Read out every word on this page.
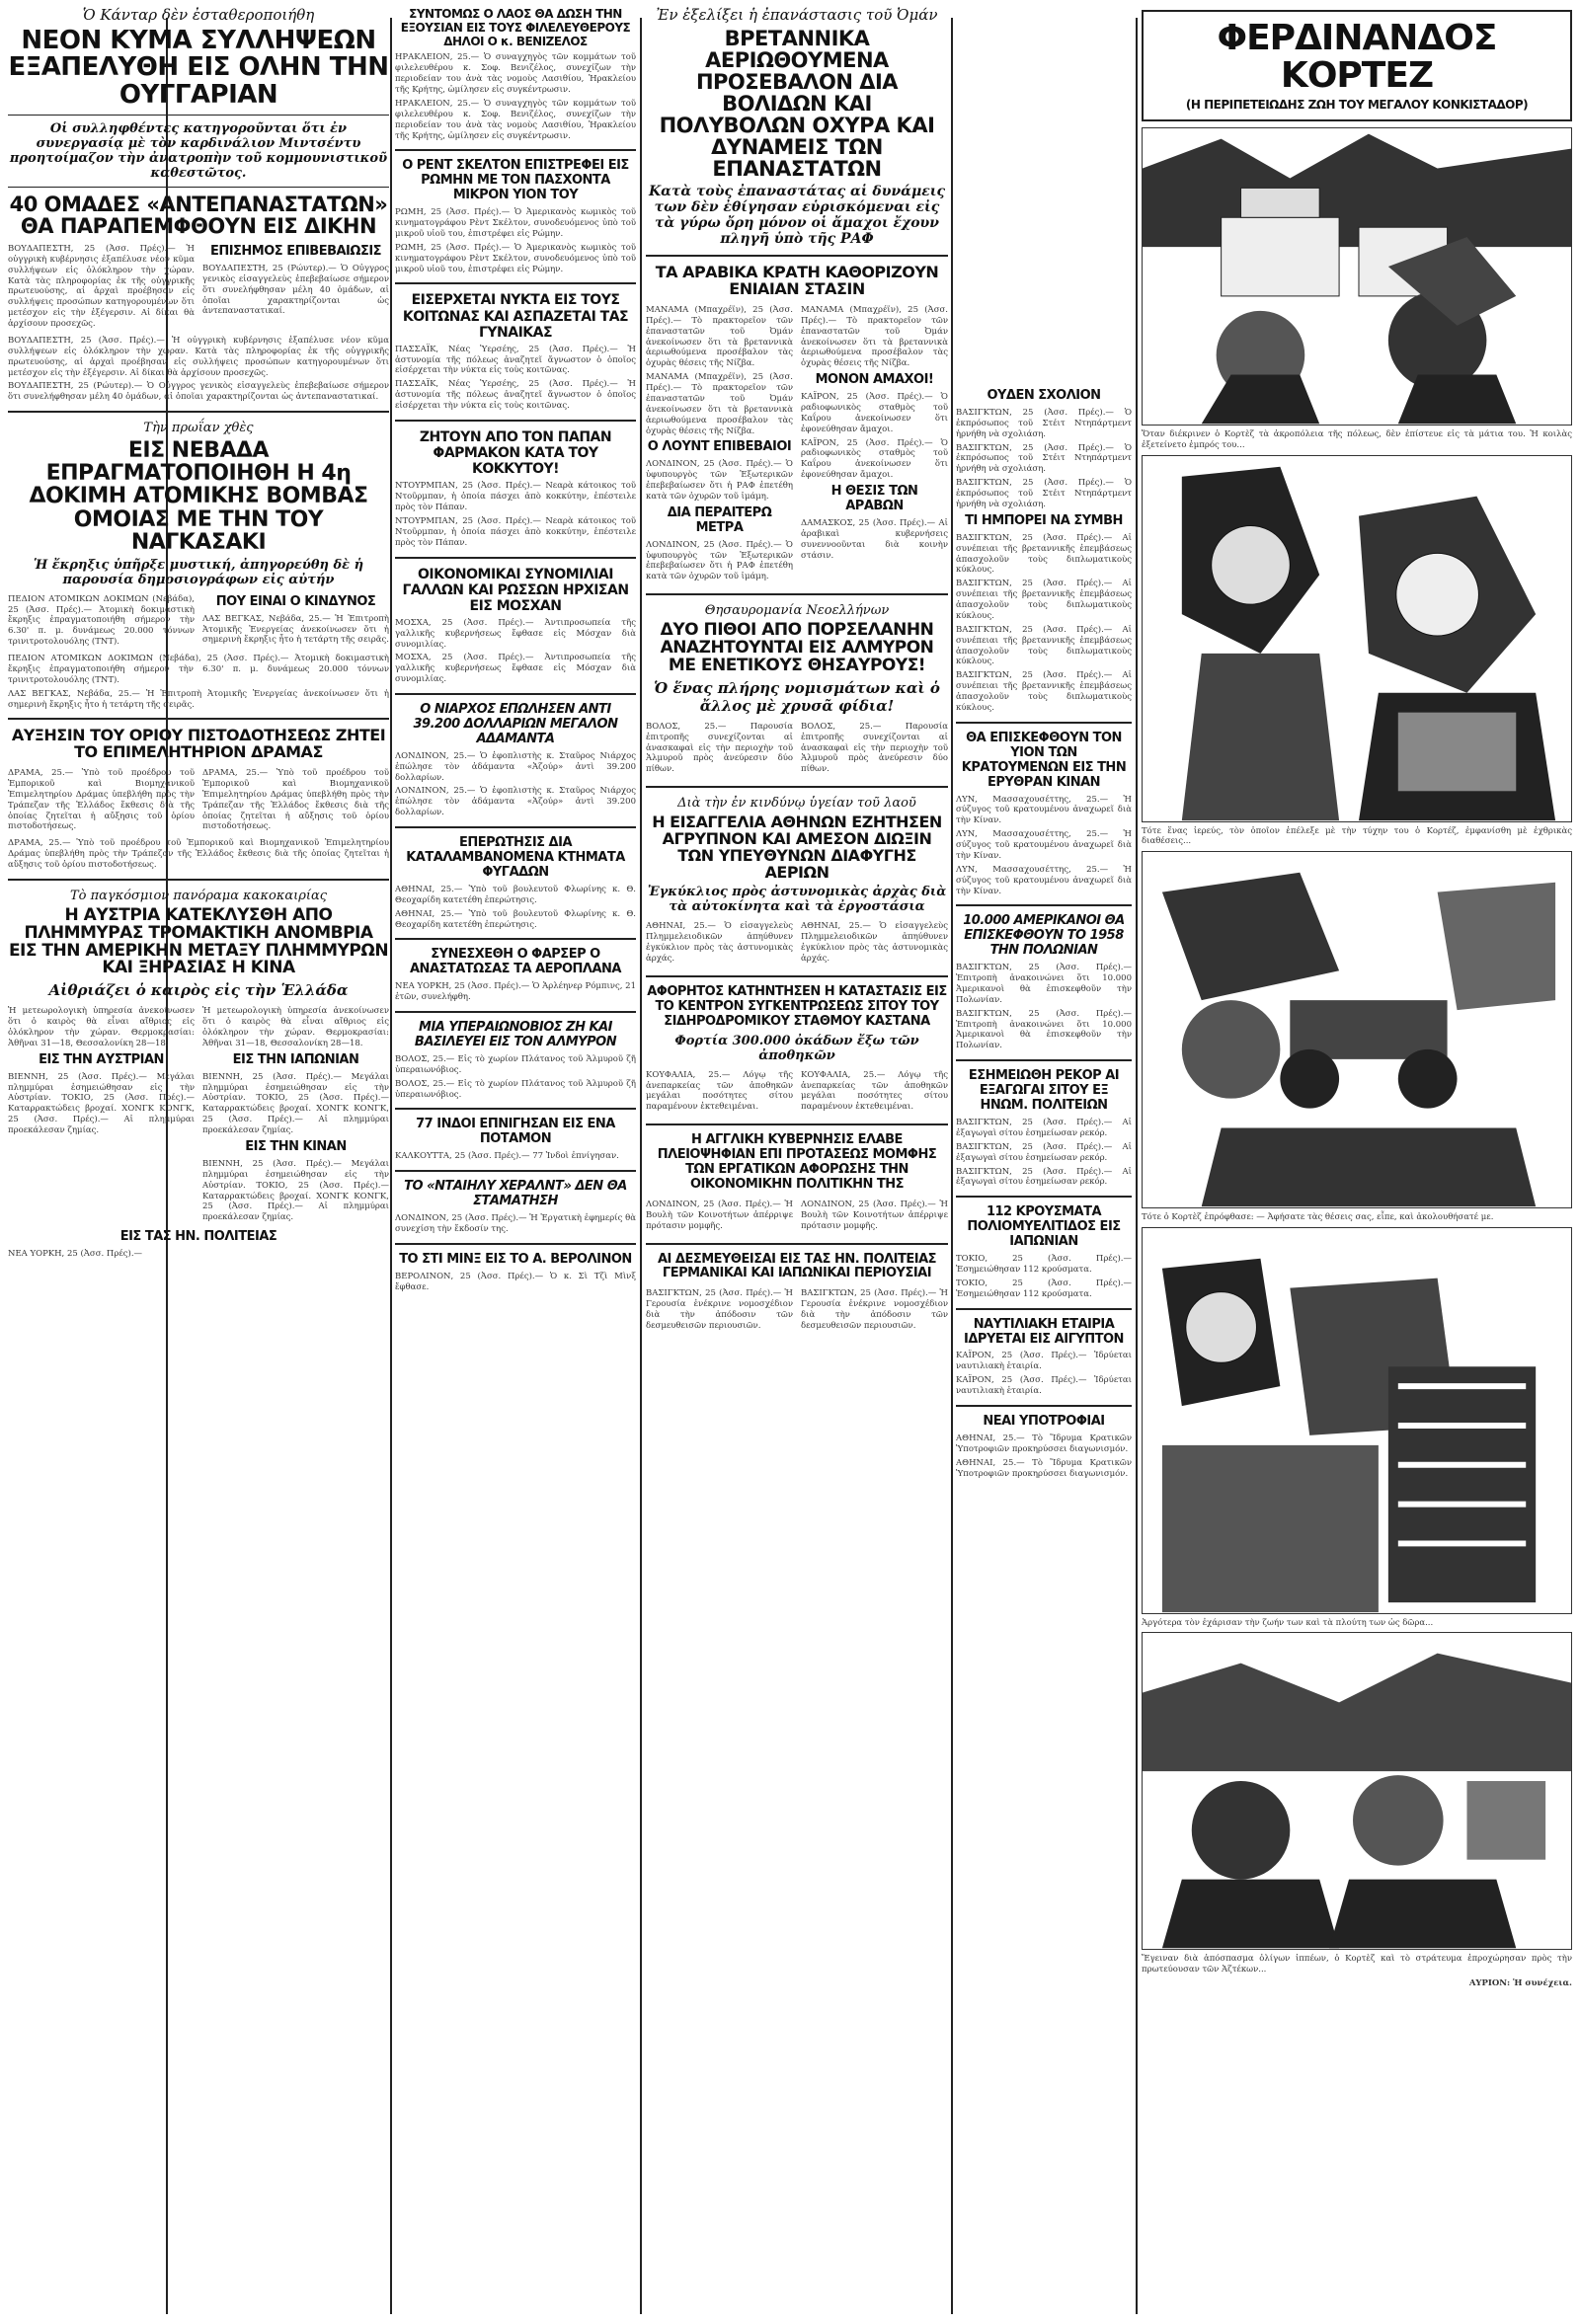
Ὁ Κάνταρ δὲν ἐσταθεροποιήθη
ΝΕΟΝ ΚΥΜΑ ΣΥΛΛΗΨΕΩΝ ΕΞΑΠΕΛΥΘΗ ΕΙΣ ΟΛΗΝ ΤΗΝ ΟΥΓΓΑΡΙΑΝ
Οἱ συλληφθέντες κατηγοροῦνται ὅτι ἐν συνεργασίᾳ μὲ τὸν καρδινάλιον Μιντσέντυ προητοίμαζον τὴν ἀνατροπὴν τοῦ κομμουνιστικοῦ καθεστῶτος.
40 ΟΜΑΔΕΣ «ΑΝΤΕΠΑΝΑΣΤΑΤΩΝ» ΘΑ ΠΑΡΑΠΕΜΦΘΟΥΝ ΕΙΣ ΔΙΚΗΝ
ΒΟΥΔΑΠΕΣΤΗ, 25 (Ἀσσ. Πρές).— Ἡ οὐγγρικὴ κυβέρνησις ἐξαπέλυσε νέον κῦμα συλλήψεων εἰς ὁλόκληρον τὴν χώραν. Κατὰ τὰς πληροφορίας ἐκ τῆς οὐγγρικῆς πρωτευούσης, αἱ ἀρχαὶ προέβησαν εἰς συλλήψεις προσώπων κατηγορουμένων ὅτι μετέσχον εἰς τὴν ἐξέγερσιν. Αἱ δίκαι θὰ ἀρχίσουν προσεχῶς.
ΕΠΙΣΗΜΟΣ ΕΠΙΒΕΒΑΙΩΣΙΣ
ΒΟΥΔΑΠΕΣΤΗ, 25 (Ρώυτερ).— Ὁ Οὐγγρος γενικὸς εἰσαγγελεὺς ἐπεβεβαίωσε σήμερον ὅτι συνελήφθησαν μέλη 40 ὁμάδων, αἱ ὁποῖαι χαρακτηρίζονται ὡς ἀντεπαναστατικαί.
ΒΟΥΔΑΠΕΣΤΗ, 25 (Ἀσσ. Πρές).— Ἡ οὐγγρικὴ κυβέρνησις ἐξαπέλυσε νέον κῦμα συλλήψεων εἰς ὁλόκληρον τὴν χώραν. Κατὰ τὰς πληροφορίας ἐκ τῆς οὐγγρικῆς πρωτευούσης, αἱ ἀρχαὶ προέβησαν εἰς συλλήψεις προσώπων κατηγορουμένων ὅτι μετέσχον εἰς τὴν ἐξέγερσιν. Αἱ δίκαι θὰ ἀρχίσουν προσεχῶς.
ΒΟΥΔΑΠΕΣΤΗ, 25 (Ρώυτερ).— Ὁ Οὐγγρος γενικὸς εἰσαγγελεὺς ἐπεβεβαίωσε σήμερον ὅτι συνελήφθησαν μέλη 40 ὁμάδων, αἱ ὁποῖαι χαρακτηρίζονται ὡς ἀντεπαναστατικαί.
Τὴν πρωΐαν χθὲς
ΕΙΣ ΝΕΒΑΔΑ ΕΠΡΑΓΜΑΤΟΠΟΙΗΘΗ Η 4η ΔΟΚΙΜΗ ΑΤΟΜΙΚΗΣ ΒΟΜΒΑΣ ΟΜΟΙΑΣ ΜΕ ΤΗΝ ΤΟΥ ΝΑΓΚΑΣΑΚΙ
Ἡ ἔκρηξις ὑπῆρξε μυστική, ἀπηγορεύθη δὲ ἡ παρουσία δημοσιογράφων εἰς αὐτήν
ΠΕΔΙΟΝ ΑΤΟΜΙΚΩΝ ΔΟΚΙΜΩΝ (Νεβάδα), 25 (Ἀσσ. Πρές).— Ἀτομικὴ δοκιμαστικὴ ἔκρηξις ἐπραγματοποιήθη σήμερον τὴν 6.30' π. μ. δυνάμεως 20.000 τόννων τρινιτροτολουόλης (TNT).
ΠΟΥ ΕΙΝΑΙ Ο ΚΙΝΔΥΝΟΣ
ΛΑΣ ΒΕΓΚΑΣ, Νεβάδα, 25.— Ἡ Ἐπιτροπὴ Ἀτομικῆς Ἐνεργείας ἀνεκοίνωσεν ὅτι ἡ σημερινὴ ἔκρηξις ἦτο ἡ τετάρτη τῆς σειρᾶς.
ΠΕΔΙΟΝ ΑΤΟΜΙΚΩΝ ΔΟΚΙΜΩΝ (Νεβάδα), 25 (Ἀσσ. Πρές).— Ἀτομικὴ δοκιμαστικὴ ἔκρηξις ἐπραγματοποιήθη σήμερον τὴν 6.30' π. μ. δυνάμεως 20.000 τόννων τρινιτροτολουόλης (TNT).
ΛΑΣ ΒΕΓΚΑΣ, Νεβάδα, 25.— Ἡ Ἐπιτροπὴ Ἀτομικῆς Ἐνεργείας ἀνεκοίνωσεν ὅτι ἡ σημερινὴ ἔκρηξις ἦτο ἡ τετάρτη τῆς σειρᾶς.
ΑΥΞΗΣΙΝ ΤΟΥ ΟΡΙΟΥ ΠΙΣΤΟΔΟΤΗΣΕΩΣ ΖΗΤΕΙ ΤΟ ΕΠΙΜΕΛΗΤΗΡΙΟΝ ΔΡΑΜΑΣ
ΔΡΑΜΑ, 25.— Ὑπὸ τοῦ προέδρου τοῦ Ἐμπορικοῦ καὶ Βιομηχανικοῦ Ἐπιμελητηρίου Δράμας ὑπεβλήθη πρὸς τὴν Τράπεζαν τῆς Ἑλλάδος ἔκθεσις διὰ τῆς ὁποίας ζητεῖται ἡ αὔξησις τοῦ ὁρίου πιστοδοτήσεως.
ΔΡΑΜΑ, 25.— Ὑπὸ τοῦ προέδρου τοῦ Ἐμπορικοῦ καὶ Βιομηχανικοῦ Ἐπιμελητηρίου Δράμας ὑπεβλήθη πρὸς τὴν Τράπεζαν τῆς Ἑλλάδος ἔκθεσις διὰ τῆς ὁποίας ζητεῖται ἡ αὔξησις τοῦ ὁρίου πιστοδοτήσεως.
ΔΡΑΜΑ, 25.— Ὑπὸ τοῦ προέδρου τοῦ Ἐμπορικοῦ καὶ Βιομηχανικοῦ Ἐπιμελητηρίου Δράμας ὑπεβλήθη πρὸς τὴν Τράπεζαν τῆς Ἑλλάδος ἔκθεσις διὰ τῆς ὁποίας ζητεῖται ἡ αὔξησις τοῦ ὁρίου πιστοδοτήσεως.
Τὸ παγκόσμιον πανόραμα κακοκαιρίας
Η ΑΥΣΤΡΙΑ ΚΑΤΕΚΛΥΣΘΗ ΑΠΟ ΠΛΗΜΜΥΡΑΣ ΤΡΟΜΑΚΤΙΚΗ ΑΝΟΜΒΡΙΑ ΕΙΣ ΤΗΝ ΑΜΕΡΙΚΗΝ ΜΕΤΑΞΥ ΠΛΗΜΜΥΡΩΝ ΚΑΙ ΞΗΡΑΣΙΑΣ Η ΚΙΝΑ
Αἰθριάζει ὁ καιρὸς εἰς τὴν Ἑλλάδα
Ἡ μετεωρολογικὴ ὑπηρεσία ἀνεκοίνωσεν ὅτι ὁ καιρὸς θὰ εἶναι αἴθριος εἰς ὁλόκληρον τὴν χώραν. Θερμοκρασίαι: Ἀθῆναι 31—18, Θεσσαλονίκη 28—18.
ΕΙΣ ΤΗΝ ΑΥΣΤΡΙΑΝ
ΒΙΕΝΝΗ, 25 (Ἀσσ. Πρές).— Μεγάλαι πλημμύραι ἐσημειώθησαν εἰς τὴν Αὐστρίαν. ΤΟΚΙΟ, 25 (Ἀσσ. Πρές).— Καταρρακτώδεις βροχαί. ΧΟΝΓΚ ΚΟΝΓΚ, 25 (Ἀσσ. Πρές).— Αἱ πλημμύραι προεκάλεσαν ζημίας.
Ἡ μετεωρολογικὴ ὑπηρεσία ἀνεκοίνωσεν ὅτι ὁ καιρὸς θὰ εἶναι αἴθριος εἰς ὁλόκληρον τὴν χώραν. Θερμοκρασίαι: Ἀθῆναι 31—18, Θεσσαλονίκη 28—18.
ΕΙΣ ΤΗΝ ΙΑΠΩΝΙΑΝ
ΒΙΕΝΝΗ, 25 (Ἀσσ. Πρές).— Μεγάλαι πλημμύραι ἐσημειώθησαν εἰς τὴν Αὐστρίαν. ΤΟΚΙΟ, 25 (Ἀσσ. Πρές).— Καταρρακτώδεις βροχαί. ΧΟΝΓΚ ΚΟΝΓΚ, 25 (Ἀσσ. Πρές).— Αἱ πλημμύραι προεκάλεσαν ζημίας.
ΕΙΣ ΤΗΝ ΚΙΝΑΝ
ΒΙΕΝΝΗ, 25 (Ἀσσ. Πρές).— Μεγάλαι πλημμύραι ἐσημειώθησαν εἰς τὴν Αὐστρίαν. ΤΟΚΙΟ, 25 (Ἀσσ. Πρές).— Καταρρακτώδεις βροχαί. ΧΟΝΓΚ ΚΟΝΓΚ, 25 (Ἀσσ. Πρές).— Αἱ πλημμύραι προεκάλεσαν ζημίας.
ΕΙΣ ΤΑΣ ΗΝ. ΠΟΛΙΤΕΙΑΣ
ΝΕΑ ΥΟΡΚΗ, 25 (Ἀσσ. Πρές).—
ΣΥΝΤΟΜΩΣ Ο ΛΑΟΣ ΘΑ ΔΩΣΗ ΤΗΝ ΕΞΟΥΣΙΑΝ ΕΙΣ ΤΟΥΣ ΦΙΛΕΛΕΥΘΕΡΟΥΣ ΔΗΛΟΙ Ο κ. ΒΕΝΙΖΕΛΟΣ
ΗΡΑΚΛΕΙΟΝ, 25.— Ὁ συναγχηγὸς τῶν κομμάτων τοῦ φιλελευθέρου κ. Σοφ. Βενιζέλος, συνεχίζων τὴν περιοδείαν του ἀνὰ τὰς νομοὺς Λασιθίου, Ἡρακλείου τῆς Κρήτης, ὡμίλησεν εἰς συγκέντρωσιν.
ΗΡΑΚΛΕΙΟΝ, 25.— Ὁ συναγχηγὸς τῶν κομμάτων τοῦ φιλελευθέρου κ. Σοφ. Βενιζέλος, συνεχίζων τὴν περιοδείαν του ἀνὰ τὰς νομοὺς Λασιθίου, Ἡρακλείου τῆς Κρήτης, ὡμίλησεν εἰς συγκέντρωσιν.
Ο ΡΕΝΤ ΣΚΕΛΤΟΝ ΕΠΙΣΤΡΕΦΕΙ ΕΙΣ ΡΩΜΗΝ ΜΕ ΤΟΝ ΠΑΣΧΟΝΤΑ ΜΙΚΡΟΝ ΥΙΟΝ ΤΟΥ
ΡΩΜΗ, 25 (Ἀσσ. Πρές).— Ὁ Ἀμερικανὸς κωμικὸς τοῦ κινηματογράφου Ρὲντ Σκέλτον, συνοδευόμενος ὑπὸ τοῦ μικροῦ υἱοῦ του, ἐπιστρέφει εἰς Ρώμην.
ΡΩΜΗ, 25 (Ἀσσ. Πρές).— Ὁ Ἀμερικανὸς κωμικὸς τοῦ κινηματογράφου Ρὲντ Σκέλτον, συνοδευόμενος ὑπὸ τοῦ μικροῦ υἱοῦ του, ἐπιστρέφει εἰς Ρώμην.
ΕΙΣΕΡΧΕΤΑΙ ΝΥΚΤΑ ΕΙΣ ΤΟΥΣ ΚΟΙΤΩΝΑΣ ΚΑΙ ΑΣΠΑΖΕΤΑΙ ΤΑΣ ΓΥΝΑΙΚΑΣ
ΠΑΣΣΑΪΚ, Νέας Ὑερσέης, 25 (Ἀσσ. Πρές).— Ἡ ἀστυνομία τῆς πόλεως ἀναζητεῖ ἄγνωστον ὁ ὁποῖος εἰσέρχεται τὴν νύκτα εἰς τοὺς κοιτῶνας.
ΠΑΣΣΑΪΚ, Νέας Ὑερσέης, 25 (Ἀσσ. Πρές).— Ἡ ἀστυνομία τῆς πόλεως ἀναζητεῖ ἄγνωστον ὁ ὁποῖος εἰσέρχεται τὴν νύκτα εἰς τοὺς κοιτῶνας.
ΖΗΤΟΥΝ ΑΠΟ ΤΟΝ ΠΑΠΑΝ ΦΑΡΜΑΚΟΝ ΚΑΤΑ ΤΟΥ ΚΟΚΚΥΤΟΥ!
ΝΤΟΥΡΜΠΑΝ, 25 (Ἀσσ. Πρές).— Νεαρὰ κάτοικος τοῦ Ντοῦρμπαν, ἡ ὁποία πάσχει ἀπὸ κοκκύτην, ἐπέστειλε πρὸς τὸν Πάπαν.
ΝΤΟΥΡΜΠΑΝ, 25 (Ἀσσ. Πρές).— Νεαρὰ κάτοικος τοῦ Ντοῦρμπαν, ἡ ὁποία πάσχει ἀπὸ κοκκύτην, ἐπέστειλε πρὸς τὸν Πάπαν.
ΟΙΚΟΝΟΜΙΚΑΙ ΣΥΝΟΜΙΛΙΑΙ ΓΑΛΛΩΝ ΚΑΙ ΡΩΣΣΩΝ ΗΡΧΙΣΑΝ ΕΙΣ ΜΟΣΧΑΝ
ΜΟΣΧΑ, 25 (Ἀσσ. Πρές).— Ἀντιπροσωπεία τῆς γαλλικῆς κυβερνήσεως ἔφθασε εἰς Μόσχαν διὰ συνομιλίας.
ΜΟΣΧΑ, 25 (Ἀσσ. Πρές).— Ἀντιπροσωπεία τῆς γαλλικῆς κυβερνήσεως ἔφθασε εἰς Μόσχαν διὰ συνομιλίας.
Ο ΝΙΑΡΧΟΣ ΕΠΩΛΗΣΕΝ ΑΝΤΙ 39.200 ΔΟΛΛΑΡΙΩΝ ΜΕΓΑΛΟΝ ΑΔΑΜΑΝΤΑ
ΛΟΝΔΙΝΟΝ, 25.— Ὁ ἐφοπλιστὴς κ. Σταῦρος Νιάρχος ἐπώλησε τὸν ἀδάμαντα «Ἀζούρ» ἀντὶ 39.200 δολλαρίων.
ΛΟΝΔΙΝΟΝ, 25.— Ὁ ἐφοπλιστὴς κ. Σταῦρος Νιάρχος ἐπώλησε τὸν ἀδάμαντα «Ἀζούρ» ἀντὶ 39.200 δολλαρίων.
ΕΠΕΡΩΤΗΣΙΣ ΔΙΑ ΚΑΤΑΛΑΜΒΑΝΟΜΕΝΑ ΚΤΗΜΑΤΑ ΦΥΓΑΔΩΝ
ΑΘΗΝΑΙ, 25.— Ὑπὸ τοῦ βουλευτοῦ Φλωρίνης κ. Θ. Θεοχαρίδη κατετέθη ἐπερώτησις.
ΑΘΗΝΑΙ, 25.— Ὑπὸ τοῦ βουλευτοῦ Φλωρίνης κ. Θ. Θεοχαρίδη κατετέθη ἐπερώτησις.
ΣΥΝΕΣΧΕΘΗ Ο ΦΑΡΣΕΡ Ο ΑΝΑΣΤΑΤΩΣΑΣ ΤΑ ΑΕΡΟΠΛΑΝΑ
ΝΕΑ ΥΟΡΚΗ, 25 (Ἀσσ. Πρές).— Ὁ Ἀρλέηνερ Ρόμπινς, 21 ἐτῶν, συνελήφθη.
ΜΙΑ ΥΠΕΡΑΙΩΝΟΒΙΟΣ ΖΗ ΚΑΙ ΒΑΣΙΛΕΥΕΙ ΕΙΣ ΤΟΝ ΑΛΜΥΡΟΝ
ΒΟΛΟΣ, 25.— Εἰς τὸ χωρίον Πλάτανος τοῦ Ἁλμυροῦ ζῆ ὑπεραιωνόβιος.
ΒΟΛΟΣ, 25.— Εἰς τὸ χωρίον Πλάτανος τοῦ Ἁλμυροῦ ζῆ ὑπεραιωνόβιος.
77 ΙΝΔΟΙ ΕΠΝΙΓΗΣΑΝ ΕΙΣ ΕΝΑ ΠΟΤΑΜΟΝ
ΚΑΛΚΟΥΤΤΑ, 25 (Ἀσσ. Πρές).— 77 Ἰνδοὶ ἐπνίγησαν.
ΤΟ «ΝΤΑΙΗΛΥ ΧΕΡΑΛΝΤ» ΔΕΝ ΘΑ ΣΤΑΜΑΤΗΣΗ
ΛΟΝΔΙΝΟΝ, 25 (Ἀσσ. Πρές).— Ἡ Ἐργατικὴ ἐφημερίς θὰ συνεχίση τὴν ἔκδοσίν της.
ΤΟ ΣΤΙ ΜΙΝΞ ΕΙΣ ΤΟ Α. ΒΕΡΟΛΙΝΟΝ
ΒΕΡΟΛΙΝΟΝ, 25 (Ἀσσ. Πρές).— Ὁ κ. Σὶ Τζὶ Μὶνξ ἔφθασε.
Ἐν ἐξελίξει ἡ ἐπανάστασις τοῦ Ὀμάν
ΒΡΕΤΑΝΝΙΚΑ ΑΕΡΙΩΘΟΥΜΕΝΑ ΠΡΟΣΕΒΑΛΟΝ ΔΙΑ ΒΟΛΙΔΩΝ ΚΑΙ ΠΟΛΥΒΟΛΩΝ ΟΧΥΡΑ ΚΑΙ ΔΥΝΑΜΕΙΣ ΤΩΝ ΕΠΑΝΑΣΤΑΤΩΝ
Κατὰ τοὺς ἐπαναστάτας αἱ δυνάμεις των δὲν ἐθίγησαν εὑρισκόμεναι εἰς τὰ γύρω ὄρη μόνον οἱ ἄμαχοι ἔχουν πληγῆ ὑπὸ τῆς ΡΑΦ
ΤΑ ΑΡΑΒΙΚΑ ΚΡΑΤΗ ΚΑΘΟΡΙΖΟΥΝ ΕΝΙΑΙΑΝ ΣΤΑΣΙΝ
ΜΑΝΑΜΑ (Μπαχρέϊν), 25 (Ἀσσ. Πρές).— Τὸ πρακτορεῖον τῶν ἐπαναστατῶν τοῦ Ὀμάν ἀνεκοίνωσεν ὅτι τὰ βρεταννικὰ ἀεριωθούμενα προσέβαλον τὰς ὀχυρὰς θέσεις τῆς Νίζβα.
ΜΑΝΑΜΑ (Μπαχρέϊν), 25 (Ἀσσ. Πρές).— Τὸ πρακτορεῖον τῶν ἐπαναστατῶν τοῦ Ὀμάν ἀνεκοίνωσεν ὅτι τὰ βρεταννικὰ ἀεριωθούμενα προσέβαλον τὰς ὀχυρὰς θέσεις τῆς Νίζβα.
Ο ΛΟΥΝΤ ΕΠΙΒΕΒΑΙΟΙ
ΛΟΝΔΙΝΟΝ, 25 (Ἀσσ. Πρές).— Ὁ ὑφυπουργὸς τῶν Ἐξωτερικῶν ἐπεβεβαίωσεν ὅτι ἡ ΡΑΦ ἐπετέθη κατὰ τῶν ὀχυρῶν τοῦ ἰμάμη.
ΔΙΑ ΠΕΡΑΙΤΕΡΩ ΜΕΤΡΑ
ΛΟΝΔΙΝΟΝ, 25 (Ἀσσ. Πρές).— Ὁ ὑφυπουργὸς τῶν Ἐξωτερικῶν ἐπεβεβαίωσεν ὅτι ἡ ΡΑΦ ἐπετέθη κατὰ τῶν ὀχυρῶν τοῦ ἰμάμη.
ΜΑΝΑΜΑ (Μπαχρέϊν), 25 (Ἀσσ. Πρές).— Τὸ πρακτορεῖον τῶν ἐπαναστατῶν τοῦ Ὀμάν ἀνεκοίνωσεν ὅτι τὰ βρεταννικὰ ἀεριωθούμενα προσέβαλον τὰς ὀχυρὰς θέσεις τῆς Νίζβα.
ΜΟΝΟΝ ΑΜΑΧΟΙ!
ΚΑΪΡΟΝ, 25 (Ἀσσ. Πρές).— Ὁ ραδιοφωνικὸς σταθμὸς τοῦ Καΐρου ἀνεκοίνωσεν ὅτι ἐφονεύθησαν ἄμαχοι.
ΚΑΪΡΟΝ, 25 (Ἀσσ. Πρές).— Ὁ ραδιοφωνικὸς σταθμὸς τοῦ Καΐρου ἀνεκοίνωσεν ὅτι ἐφονεύθησαν ἄμαχοι.
Η ΘΕΣΙΣ ΤΩΝ ΑΡΑΒΩΝ
ΔΑΜΑΣΚΟΣ, 25 (Ἀσσ. Πρές).— Αἱ ἀραβικαὶ κυβερνήσεις συνεννοοῦνται διὰ κοινὴν στάσιν.
Θησαυρομανία Νεοελλήνων
ΔΥΟ ΠΙΘΟΙ ΑΠΟ ΠΟΡΣΕΛΑΝΗΝ ΑΝΑΖΗΤΟΥΝΤΑΙ ΕΙΣ ΑΛΜΥΡΟΝ ΜΕ ΕΝΕΤΙΚΟΥΣ ΘΗΣΑΥΡΟΥΣ!
Ὁ ἕνας πλήρης νομισμάτων καὶ ὁ ἄλλος μὲ χρυσᾶ φίδια!
ΒΟΛΟΣ, 25.— Παρουσία ἐπιτροπῆς συνεχίζονται αἱ ἀνασκαφαὶ εἰς τὴν περιοχὴν τοῦ Ἁλμυροῦ πρὸς ἀνεύρεσιν δύο πίθων.
ΒΟΛΟΣ, 25.— Παρουσία ἐπιτροπῆς συνεχίζονται αἱ ἀνασκαφαὶ εἰς τὴν περιοχὴν τοῦ Ἁλμυροῦ πρὸς ἀνεύρεσιν δύο πίθων.
Διὰ τὴν ἐν κινδύνῳ ὑγείαν τοῦ λαοῦ
Η ΕΙΣΑΓΓΕΛΙΑ ΑΘΗΝΩΝ ΕΖΗΤΗΣΕΝ ΑΓΡΥΠΝΟΝ ΚΑΙ ΑΜΕΣΟΝ ΔΙΩΞΙΝ ΤΩΝ ΥΠΕΥΘΥΝΩΝ ΔΙΑΦΥΓΗΣ ΑΕΡΙΩΝ
Ἐγκύκλιος πρὸς ἀστυνομικὰς ἀρχὰς διὰ τὰ αὐτοκίνητα καὶ τὰ ἐργοστάσια
ΑΘΗΝΑΙ, 25.— Ὁ εἰσαγγελεὺς Πλημμελειοδικῶν ἀπηύθυνεν ἐγκύκλιον πρὸς τὰς ἀστυνομικὰς ἀρχάς.
ΑΘΗΝΑΙ, 25.— Ὁ εἰσαγγελεὺς Πλημμελειοδικῶν ἀπηύθυνεν ἐγκύκλιον πρὸς τὰς ἀστυνομικὰς ἀρχάς.
ΑΦΟΡΗΤΟΣ ΚΑΤΗΝΤΗΣΕΝ Η ΚΑΤΑΣΤΑΣΙΣ ΕΙΣ ΤΟ ΚΕΝΤΡΟΝ ΣΥΓΚΕΝΤΡΩΣΕΩΣ ΣΙΤΟΥ ΤΟΥ ΣΙΔΗΡΟΔΡΟΜΙΚΟΥ ΣΤΑΘΜΟΥ ΚΑΣΤΑΝΑ
Φορτία 300.000 ὀκάδων ἔξω τῶν ἀποθηκῶν
ΚΟΥΦΑΛΙΑ, 25.— Λόγῳ τῆς ἀνεπαρκείας τῶν ἀποθηκῶν μεγάλαι ποσότητες σίτου παραμένουν ἐκτεθειμέναι.
ΚΟΥΦΑΛΙΑ, 25.— Λόγῳ τῆς ἀνεπαρκείας τῶν ἀποθηκῶν μεγάλαι ποσότητες σίτου παραμένουν ἐκτεθειμέναι.
Η ΑΓΓΛΙΚΗ ΚΥΒΕΡΝΗΣΙΣ ΕΛΑΒΕ ΠΛΕΙΟΨΗΦΙΑΝ ΕΠΙ ΠΡΟΤΑΣΕΩΣ ΜΟΜΦΗΣ ΤΩΝ ΕΡΓΑΤΙΚΩΝ ΑΦΟΡΩΣΗΣ ΤΗΝ ΟΙΚΟΝΟΜΙΚΗΝ ΠΟΛΙΤΙΚΗΝ ΤΗΣ
ΛΟΝΔΙΝΟΝ, 25 (Ἀσσ. Πρές).— Ἡ Βουλὴ τῶν Κοινοτήτων ἀπέρριψε πρότασιν μομφῆς.
ΛΟΝΔΙΝΟΝ, 25 (Ἀσσ. Πρές).— Ἡ Βουλὴ τῶν Κοινοτήτων ἀπέρριψε πρότασιν μομφῆς.
ΑΙ ΔΕΣΜΕΥΘΕΙΣΑΙ ΕΙΣ ΤΑΣ ΗΝ. ΠΟΛΙΤΕΙΑΣ ΓΕΡΜΑΝΙΚΑΙ ΚΑΙ ΙΑΠΩΝΙΚΑΙ ΠΕΡΙΟΥΣΙΑΙ
ΒΑΣΙΓΚΤΩΝ, 25 (Ἀσσ. Πρές).— Ἡ Γερουσία ἐνέκρινε νομοσχέδιον διὰ τὴν ἀπόδοσιν τῶν δεσμευθεισῶν περιουσιῶν.
ΒΑΣΙΓΚΤΩΝ, 25 (Ἀσσ. Πρές).— Ἡ Γερουσία ἐνέκρινε νομοσχέδιον διὰ τὴν ἀπόδοσιν τῶν δεσμευθεισῶν περιουσιῶν.
ΟΥΔΕΝ ΣΧΟΛΙΟΝ
ΒΑΣΙΓΚΤΩΝ, 25 (Ἀσσ. Πρές).— Ὁ ἐκπρόσωπος τοῦ Στέιτ Ντηπάρτμεντ ἠρνήθη νὰ σχολιάση.
ΒΑΣΙΓΚΤΩΝ, 25 (Ἀσσ. Πρές).— Ὁ ἐκπρόσωπος τοῦ Στέιτ Ντηπάρτμεντ ἠρνήθη νὰ σχολιάση.
ΒΑΣΙΓΚΤΩΝ, 25 (Ἀσσ. Πρές).— Ὁ ἐκπρόσωπος τοῦ Στέιτ Ντηπάρτμεντ ἠρνήθη νὰ σχολιάση.
ΤΙ ΗΜΠΟΡΕΙ ΝΑ ΣΥΜΒΗ
ΒΑΣΙΓΚΤΩΝ, 25 (Ἀσσ. Πρές).— Αἱ συνέπειαι τῆς βρεταννικῆς ἐπεμβάσεως ἀπασχολοῦν τοὺς διπλωματικοὺς κύκλους.
ΒΑΣΙΓΚΤΩΝ, 25 (Ἀσσ. Πρές).— Αἱ συνέπειαι τῆς βρεταννικῆς ἐπεμβάσεως ἀπασχολοῦν τοὺς διπλωματικοὺς κύκλους.
ΒΑΣΙΓΚΤΩΝ, 25 (Ἀσσ. Πρές).— Αἱ συνέπειαι τῆς βρεταννικῆς ἐπεμβάσεως ἀπασχολοῦν τοὺς διπλωματικοὺς κύκλους.
ΒΑΣΙΓΚΤΩΝ, 25 (Ἀσσ. Πρές).— Αἱ συνέπειαι τῆς βρεταννικῆς ἐπεμβάσεως ἀπασχολοῦν τοὺς διπλωματικοὺς κύκλους.
ΘΑ ΕΠΙΣΚΕΦΘΟΥΝ ΤΟΝ ΥΙΟΝ ΤΩΝ ΚΡΑΤΟΥΜΕΝΩΝ ΕΙΣ ΤΗΝ ΕΡΥΘΡΑΝ ΚΙΝΑΝ
ΛΥΝ, Μασσαχουσέττης, 25.— Ἡ σύζυγος τοῦ κρατουμένου ἀναχωρεῖ διὰ τὴν Κίναν.
ΛΥΝ, Μασσαχουσέττης, 25.— Ἡ σύζυγος τοῦ κρατουμένου ἀναχωρεῖ διὰ τὴν Κίναν.
ΛΥΝ, Μασσαχουσέττης, 25.— Ἡ σύζυγος τοῦ κρατουμένου ἀναχωρεῖ διὰ τὴν Κίναν.
10.000 ΑΜΕΡΙΚΑΝΟΙ ΘΑ ΕΠΙΣΚΕΦΘΟΥΝ ΤΟ 1958 ΤΗΝ ΠΟΛΩΝΙΑΝ
ΒΑΣΙΓΚΤΩΝ, 25 (Ἀσσ. Πρές).— Ἐπιτροπὴ ἀνακοινώνει ὅτι 10.000 Ἀμερικανοὶ θὰ ἐπισκεφθοῦν τὴν Πολωνίαν.
ΒΑΣΙΓΚΤΩΝ, 25 (Ἀσσ. Πρές).— Ἐπιτροπὴ ἀνακοινώνει ὅτι 10.000 Ἀμερικανοὶ θὰ ἐπισκεφθοῦν τὴν Πολωνίαν.
ΕΣΗΜΕΙΩΘΗ ΡΕΚΟΡ ΑΙ ΕΞΑΓΩΓΑΙ ΣΙΤΟΥ ΕΞ ΗΝΩΜ. ΠΟΛΙΤΕΙΩΝ
ΒΑΣΙΓΚΤΩΝ, 25 (Ἀσσ. Πρές).— Αἱ ἐξαγωγαὶ σίτου ἐσημείωσαν ρεκόρ.
ΒΑΣΙΓΚΤΩΝ, 25 (Ἀσσ. Πρές).— Αἱ ἐξαγωγαὶ σίτου ἐσημείωσαν ρεκόρ.
ΒΑΣΙΓΚΤΩΝ, 25 (Ἀσσ. Πρές).— Αἱ ἐξαγωγαὶ σίτου ἐσημείωσαν ρεκόρ.
112 ΚΡΟΥΣΜΑΤΑ ΠΟΛΙΟΜΥΕΛΙΤΙΔΟΣ ΕΙΣ ΙΑΠΩΝΙΑΝ
ΤΟΚΙΟ, 25 (Ἀσσ. Πρές).— Ἐσημειώθησαν 112 κρούσματα.
ΤΟΚΙΟ, 25 (Ἀσσ. Πρές).— Ἐσημειώθησαν 112 κρούσματα.
ΝΑΥΤΙΛΙΑΚΗ ΕΤΑΙΡΙΑ ΙΔΡΥΕΤΑΙ ΕΙΣ ΑΙΓΥΠΤΟΝ
ΚΑΪΡΟΝ, 25 (Ἀσσ. Πρές).— Ἱδρύεται ναυτιλιακὴ ἑταιρία.
ΚΑΪΡΟΝ, 25 (Ἀσσ. Πρές).— Ἱδρύεται ναυτιλιακὴ ἑταιρία.
ΝΕΑΙ ΥΠΟΤΡΟΦΙΑΙ
ΑΘΗΝΑΙ, 25.— Τὸ Ἵδρυμα Κρατικῶν Ὑποτροφιῶν προκηρύσσει διαγωνισμόν.
ΑΘΗΝΑΙ, 25.— Τὸ Ἵδρυμα Κρατικῶν Ὑποτροφιῶν προκηρύσσει διαγωνισμόν.
ΦΕΡΔΙΝΑΝΔΟΣ ΚΟΡΤΕΖ
(Η ΠΕΡΙΠΕΤΕΙΩΔΗΣ ΖΩΗ ΤΟΥ ΜΕΓΑΛΟΥ ΚΟΝΚΙΣΤΑΔΟΡ)
Ὅταν διέκρινεν ὁ Κορτὲζ τὰ ἀκροπόλεια τῆς πόλεως, δὲν ἐπίστευε εἰς τὰ μάτια του. Ἡ κοιλὰς ἐξετείνετο ἐμπρός του...
Τότε ἕνας ἱερεύς, τὸν ὁποῖον ἐπέλεξε μὲ τὴν τύχην του ὁ Κορτέζ, ἐμφανίσθη μὲ ἐχθρικὰς διαθέσεις...
Τότε ὁ Κορτὲζ ἐπρόφθασε: — Ἀφήσατε τὰς θέσεις σας, εἶπε, καὶ ἀκολουθήσατέ με.
Ἀργότερα τὸν ἐχάρισαν τὴν ζωήν των καὶ τὰ πλούτη των ὡς δῶρα...
Ἔγειναν διὰ ἀπόσπασμα ὀλίγων ἱππέων, ὁ Κορτὲζ καὶ τὸ στράτευμα ἐπροχώρησαν πρὸς τὴν πρωτεύουσαν τῶν Ἀζτέκων...
ΑΥΡΙΟΝ: Ἡ συνέχεια.
